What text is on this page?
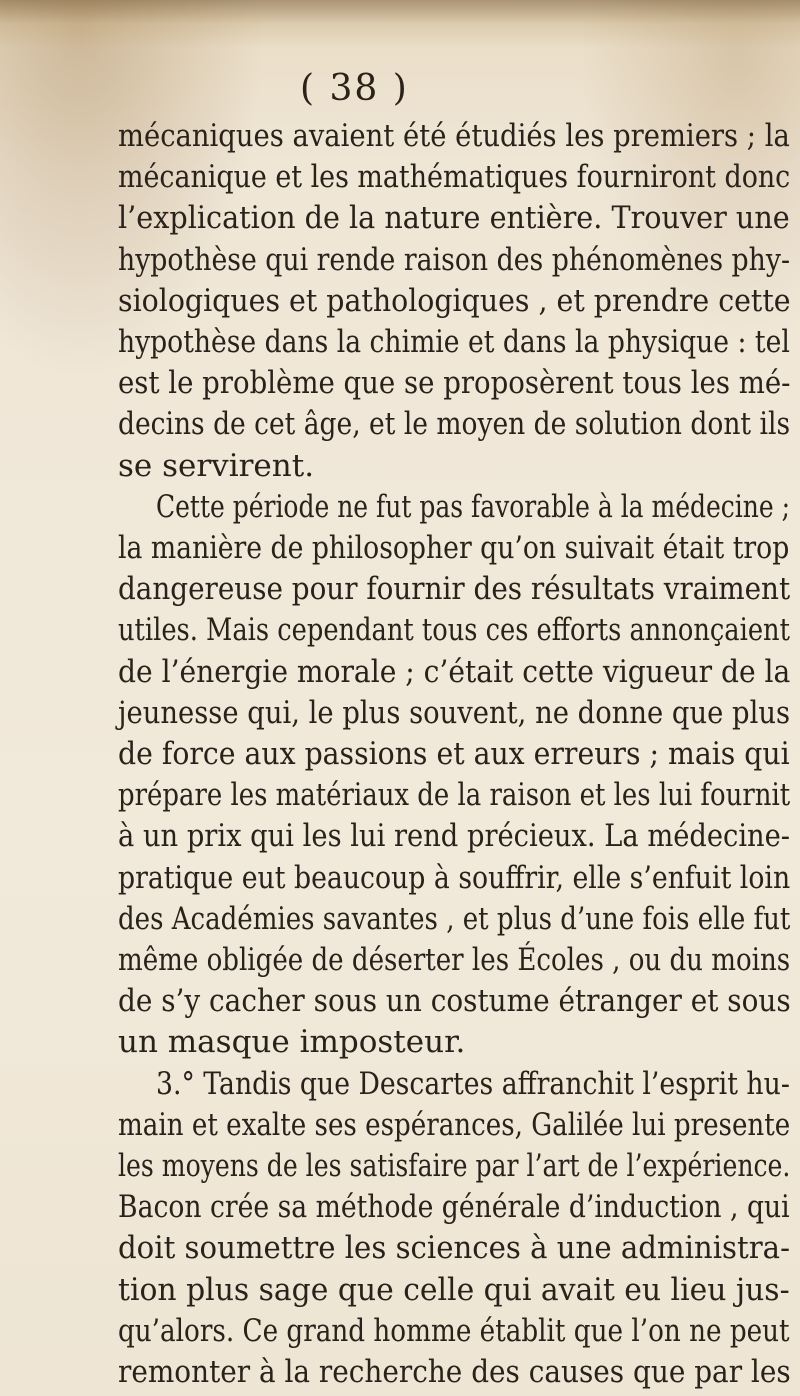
( 38 )
mécaniques avaient été étudiés les premiers ; la
mécanique et les mathématiques fourniront donc
l’explication de la nature entière. Trouver une
hypothèse qui rende raison des phénomènes phy-
siologiques et pathologiques , et prendre cette
hypothèse dans la chimie et dans la physique : tel
est le problème que se proposèrent tous les mé-
decins de cet âge, et le moyen de solution dont ils
se servirent.
Cette période ne fut pas favorable à la médecine ;
la manière de philosopher qu’on suivait était trop
dangereuse pour fournir des résultats vraiment
utiles. Mais cependant tous ces efforts annonçaient
de l’énergie morale ; c’était cette vigueur de la
jeunesse qui, le plus souvent, ne donne que plus
de force aux passions et aux erreurs ; mais qui
prépare les matériaux de la raison et les lui fournit
à un prix qui les lui rend précieux. La médecine-
pratique eut beaucoup à souffrir, elle s’enfuit loin
des Académies savantes , et plus d’une fois elle fut
même obligée de déserter les Écoles , ou du moins
de s’y cacher sous un costume étranger et sous
un masque imposteur.
3.° Tandis que Descartes affranchit l’esprit hu-
main et exalte ses espérances, Galilée lui presente
les moyens de les satisfaire par l’art de l’expérience.
Bacon crée sa méthode générale d’induction , qui
doit soumettre les sciences à une administra-
tion plus sage que celle qui avait eu lieu jus-
qu’alors. Ce grand homme établit que l’on ne peut
remonter à la recherche des causes que par les
